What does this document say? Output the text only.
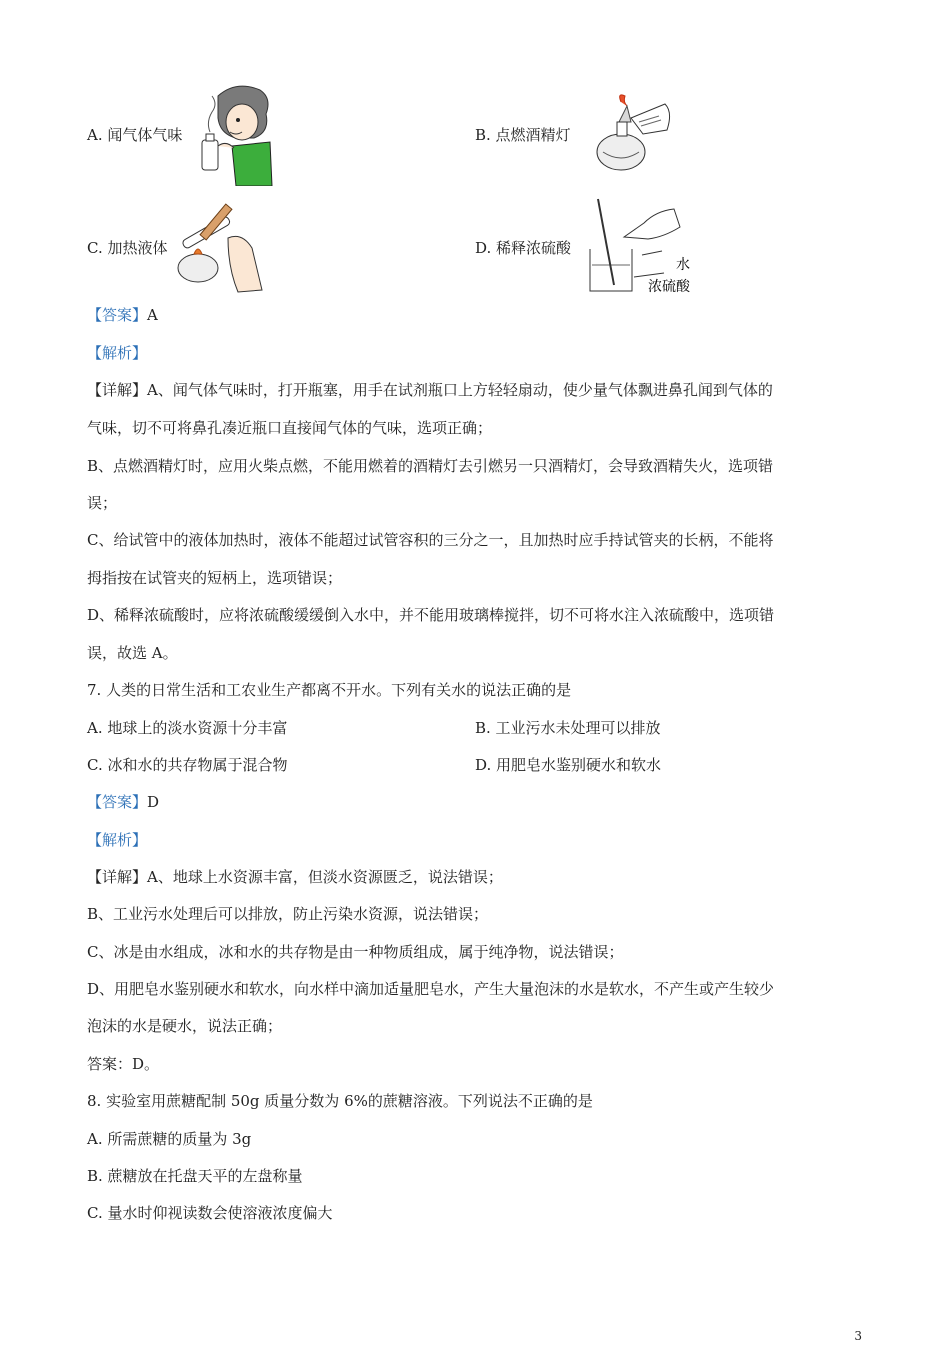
A. 闻气体气味	B. 点燃酒精灯
C. 加热液体	D. 稀释浓硫酸
水
浓硫酸
【答案】A
【解析】
【详解】A、闻气体气味时，打开瓶塞，用手在试剂瓶口上方轻轻扇动，使少量气体飘进鼻孔闻到气体的
气味，切不可将鼻孔凑近瓶口直接闻气体的气味，选项正确；
B、点燃酒精灯时，应用火柴点燃，不能用燃着的酒精灯去引燃另一只酒精灯，会导致酒精失火，选项错
误；
C、给试管中的液体加热时，液体不能超过试管容积的三分之一，且加热时应手持试管夹的长柄，不能将
拇指按在试管夹的短柄上，选项错误；
D、稀释浓硫酸时，应将浓硫酸缓缓倒入水中，并不能用玻璃棒搅拌，切不可将水注入浓硫酸中，选项错
误，故选 A。
7. 人类的日常生活和工农业生产都离不开水。下列有关水的说法正确的是
A. 地球上的淡水资源十分丰富	B. 工业污水未处理可以排放
C. 冰和水的共存物属于混合物	D. 用肥皂水鉴别硬水和软水
【答案】D
【解析】
【详解】A、地球上水资源丰富，但淡水资源匮乏，说法错误；
B、工业污水处理后可以排放，防止污染水资源，说法错误；
C、冰是由水组成，冰和水的共存物是由一种物质组成，属于纯净物，说法错误；
D、用肥皂水鉴别硬水和软水，向水样中滴加适量肥皂水，产生大量泡沫的水是软水，不产生或产生较少
泡沫的水是硬水，说法正确；
答案：D。
8. 实验室用蔗糖配制 50g 质量分数为 6%的蔗糖溶液。下列说法不正确的是
A. 所需蔗糖的质量为 3g
B. 蔗糖放在托盘天平的左盘称量
C. 量水时仰视读数会使溶液浓度偏大
3
